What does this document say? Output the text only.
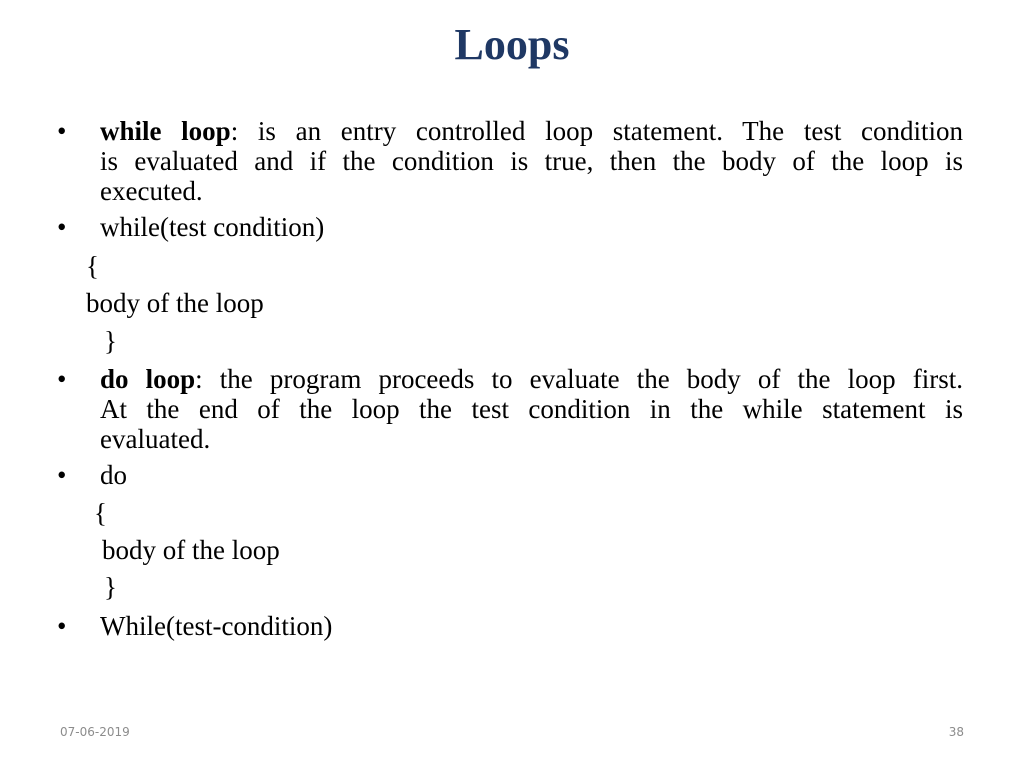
Loops
• while loop: is an entry controlled loop statement. The test condition
is evaluated and if the condition is true, then the body of the loop is
executed.
• while(test condition)
{
body of the loop
}
• do loop: the program proceeds to evaluate the body of the loop first.
At the end of the loop the test condition in the while statement is
evaluated.
• do
{
body of the loop
}
• While(test-condition)
07-06-2019	38
